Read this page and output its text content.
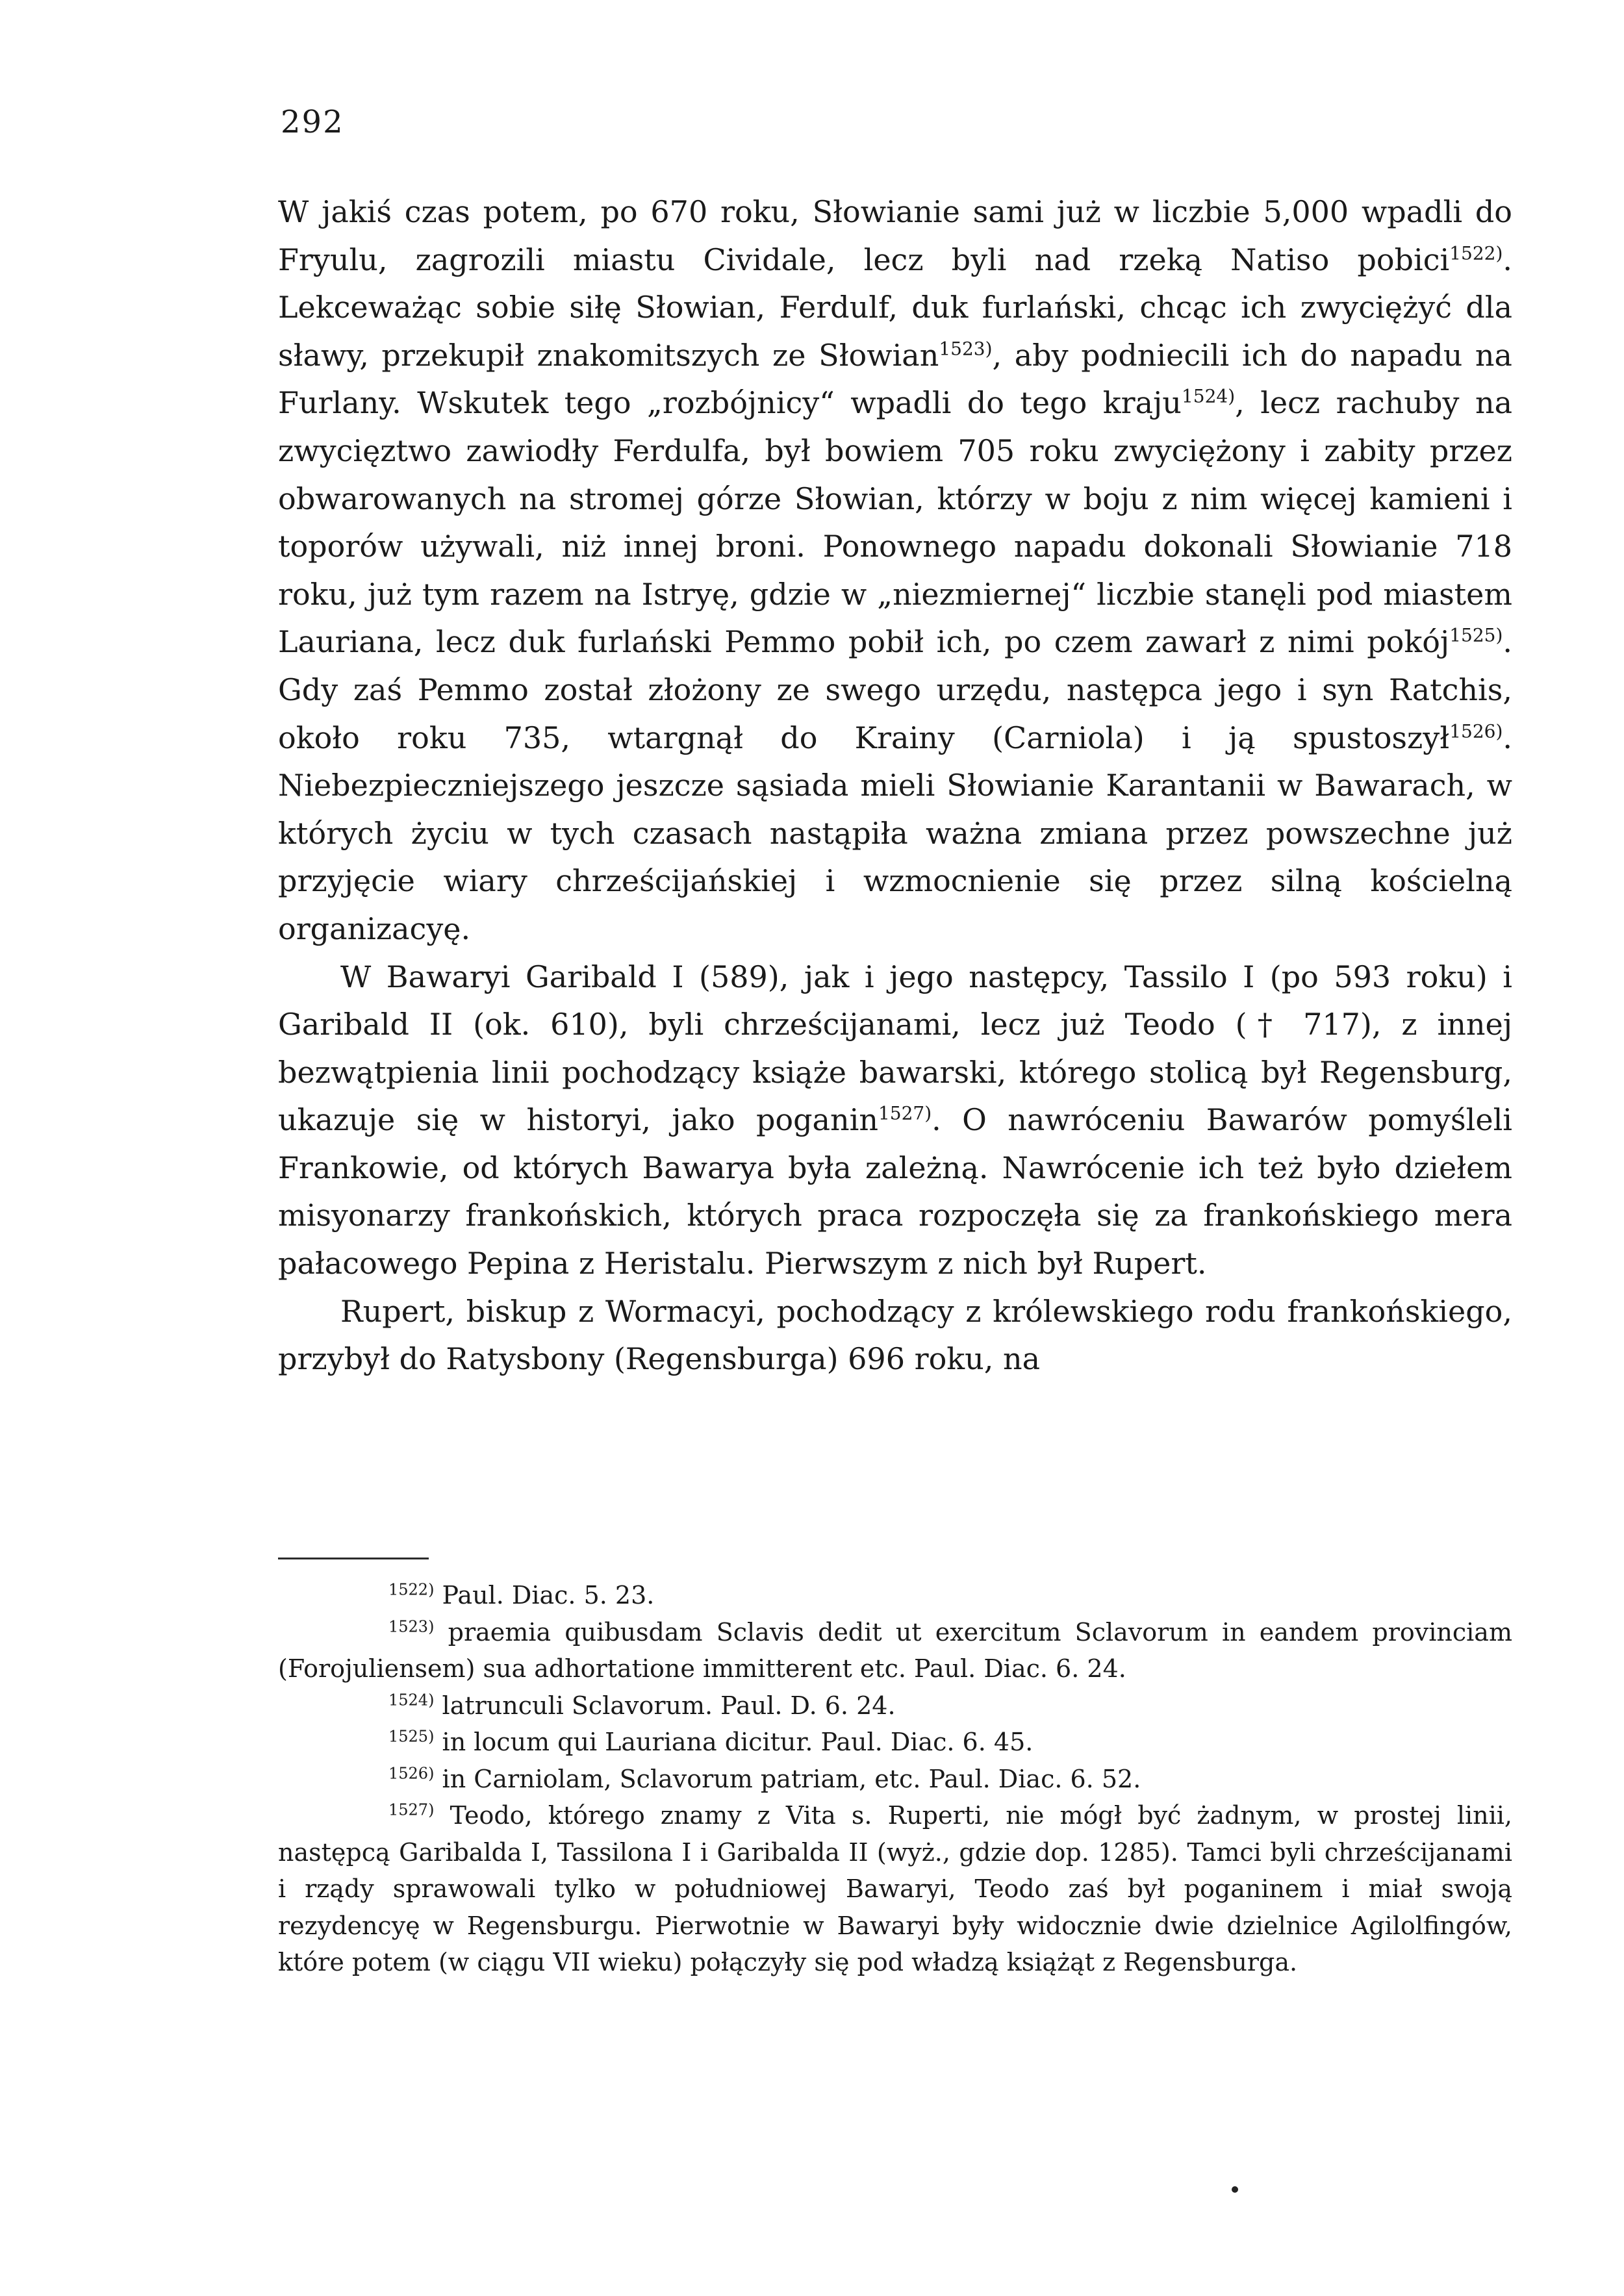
292

W jakiś czas potem, po 670 roku, Słowianie sami już w liczbie 5,000 wpadli do Fryulu, zagrozili miastu Cividale, lecz byli nad rzeką Natiso pobici$^{1522)}$. Lekceważąc sobie siłę Słowian, Ferdulf, duk furlański, chcąc ich zwyciężyć dla sławy, przekupił znakomitszych ze Słowian$^{1523)}$, aby podniecili ich do napadu na Furlany. Wskutek tego „rozbójnicy“ wpadli do tego kraju$^{1524)}$, lecz rachuby na zwycięztwo zawiodły Ferdulfa, był bowiem 705 roku zwyciężony i zabity przez obwarowanych na stromej górze Słowian, którzy w boju z nim więcej kamieni i toporów używali, niż innej broni. Ponownego napadu dokonali Słowianie 718 roku, już tym razem na Istryę, gdzie w „niezmiernej“ liczbie stanęli pod miastem Lauriana, lecz duk furlański Pemmo pobił ich, po czem zawarł z nimi pokój$^{1525)}$. Gdy zaś Pemmo został złożony ze swego urzędu, następca jego i syn Ratchis, około roku 735, wtargnął do Krainy (Carniola) i ją spustoszył$^{1526)}$. Niebezpieczniejszego jeszcze sąsiada mieli Słowianie Karantanii w Bawarach, w których życiu w tych czasach nastąpiła ważna zmiana przez powszechne już przyjęcie wiary chrześcijańskiej i wzmocnienie się przez silną kościelną organizacyę.

W Bawaryi Garibald I (589), jak i jego następcy, Tassilo I (po 593 roku) i Garibald II (ok. 610), byli chrześcijanami, lecz już Teodo († 717), z innej bezwątpienia linii pochodzący książe bawarski, którego stolicą był Regensburg, ukazuje się w historyi, jako poganin$^{1527)}$. O nawróceniu Bawarów pomyśleli Frankowie, od których Bawarya była zależną. Nawrócenie ich też było dziełem misyonarzy frankońskich, których praca rozpoczęła się za frankońskiego mera pałacowego Pepina z Heristalu. Pierwszym z nich był Rupert.

Rupert, biskup z Wormacyi, pochodzący z królewskiego rodu frankońskiego, przybył do Ratysbony (Regensburga) 696 roku, na

$^{1522)}$ Paul. Diac. 5. 23.

$^{1523)}$ praemia quibusdam Sclavis dedit ut exercitum Sclavorum in eandem provinciam (Forojuliensem) sua adhortatione immitterent etc. Paul. Diac. 6. 24.

$^{1524)}$ latrunculi Sclavorum. Paul. D. 6. 24.

$^{1525)}$ in locum qui Lauriana dicitur. Paul. Diac. 6. 45.

$^{1526)}$ in Carniolam, Sclavorum patriam, etc. Paul. Diac. 6. 52.

$^{1527)}$ Teodo, którego znamy z Vita s. Ruperti, nie mógł być żadnym, w prostej linii, następcą Garibalda I, Tassilona I i Garibalda II (wyż., gdzie dop. 1285). Tamci byli chrześcijanami i rządy sprawowali tylko w południowej Bawaryi, Teodo zaś był poganinem i miał swoją rezydencyę w Regensburgu. Pierwotnie w Bawaryi były widocznie dwie dzielnice Agilolfingów, które potem (w ciągu VII wieku) połączyły się pod władzą książąt z Regensburga.
